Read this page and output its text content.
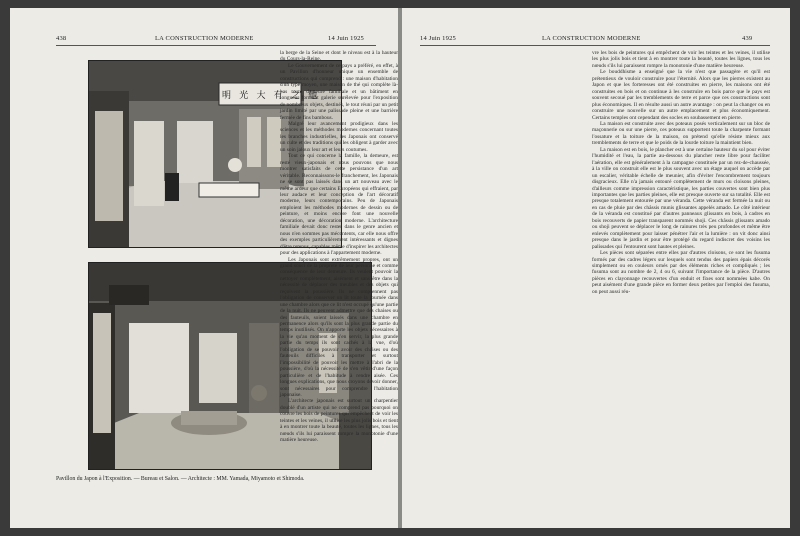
438	LA CONSTRUCTION MODERNE	14 Juin 1925
明 光 大 有 之 他
Pavillon du Japon à l'Exposition. — Bureau et Salon. — Architecte : MM. Yamada, Miyamoto et Shimoda.

la berge de la Seine et dont le niveau est à la hauteur du Cours-la-Reine.

Le Gouvernement de ce pays a préféré, en effet, à un Pavillon d'honneur unique un ensemble de constructions qui comprend : une maison d'habitation d'un type moyen, une maison de thé qui complète là-bas toute demeure familiale et un bâtiment en longueur formant galerie surélevée pour l'exposition de nombreux objets, destinés, le tout réuni par un petit jardin limité par une palissade pleine et une barrière fermée de fins bambous.

Malgré leur avancement prodigieux dans les sciences et les méthodes modernes concernant toutes les branches industrielles, les Japonais ont conservé un culte et des traditions qui les obligent à garder avec un soin jaloux leur art et leurs coutumes.

Tout ce qui concerne la famille, la demeure, est resté vieux-japonais et nous pouvons que nous montrer satisfaits de cette persistance d'un art véritable. Reconnaissons-le franchement, les Japonais ne se sont pas laissés dans un art nouveau avec le même ardeur que certains Européens qui effraient, par leur audace et leur conception de l'art décoratif moderne, leurs contemporains. Peu de Japonais emploient les méthodes modernes de dessin ou de peinture, et moins encore font une nouvelle décoration, une décoration moderne. L'architecture familiale devait donc rester dans le genre ancien et nous n'en sommes pas mécontents, car elle nous offre des exemples particulièrement intéressants et dignes d'être retenus, capables même d'inspirer les architectes pour des applications à l'appartement moderne.

Les Japonais sont extrêmement propres, ont un grand souci de la propreté de leur personne et comme conséquence de leur demeure. Ils veulent pouvoir la nettoyer complètement, aisément et sans être dans la nécessité de déplacer des meubles et des objets qui reçoivent la poussière. Ils ne comprennent pas l'obligation de conserver un lit toute la journée dans une chambre alors que ce lit n'est occupé qu'une partie de la nuit. Ils ne peuvent admettre que des chaises ou des fauteuils, soient laissés dans une chambre en permanence alors qu'ils sont la plus grande partie du temps inutilisés. On n'apporte les objets nécessaires à la vie qu'au moment de s'en servir, la plus grande partie du temps ils sont cachés à la vue, d'où l'obligation de se pouvoir avoir des chaises ou des fauteuils difficiles à transporter et surtout l'impossibilité de pouvoir les mettre à l'abri de la poussière, d'où la nécessité de s'en vêtir d'une façon particulière et de l'habitude à rendre aisée. Ces longues explications, que nous croyons devoir donner, sont nécessaires pour comprendre l'habitation japonaise.

L'architecte japonais est surtout un charpentier doublé d'un artiste qui ne comprend pas pourquoi on couvre les bois de peintures qui empêchent de voir les teintes et les veines, il utilise les plus jolis bois et tient à en montrer toute la beauté, toutes les lignes, tous les nœuds s'ils lui paraissent rompre la monotonie d'une matière heureuse.

14 Juin 1925	LA CONSTRUCTION MODERNE	439

vre les bois de peintures qui empêchent de voir les teintes et les veines, il utilise les plus jolis bois et tient à en montrer toute la beauté, toutes les lignes, tous les nœuds s'ils lui paraissent rompre la monotonie d'une matière heureuse.

Le bouddhisme a enseigné que la vie n'est que passagère et qu'il est prétentieux de vouloir construire pour l'éternité. Alors que les pierres existent au Japon et que les forteresses ont été construites en pierre, les maisons ont été construites en bois et on continue à les construire en bois parce que le pays est souvent secoué par les tremblements de terre et parce que ces constructions sont plus économiques. Il en résulte aussi un autre avantage : on peut la changer ou en construire une nouvelle sur un autre emplacement et plus économiquement. Certains temples ont cependant des socles en soubassement en pierre.

La maison est construite avec des poteaux posés verticalement sur un bloc de maçonnerie ou sur une pierre, ces poteaux supportent toute la charpente formant l'ossature et la toiture de la maison, on prétend qu'elle résiste mieux aux tremblements de terre et que le poids de la lourde toiture la maintient bien.

La maison est en bois, le plancher est à une certaine hauteur du sol pour éviter l'humidité et l'eau, la partie au-dessous du plancher reste libre pour faciliter l'aération, elle est généralement à la campagne constituée par un rez-de-chaussée, à la ville on construit elle est le plus souvent avec un étage auquel on accède par un escalier, véritable échelle de meunier, afin d'éviter l'encombrement toujours disgracieux. Elle n'a jamais entouré complètement de murs ou cloisons pleines, d'ailleurs comme impression caractéristique, les parties couvertes sont bien plus importantes que les parties pleines, elle est presque ouverte sur sa totalité. Elle est presque totalement entourée par une véranda. Cette véranda est fermée la nuit ou en cas de pluie par des châssis munis glissantes appelés amado. Le côté intérieur de la véranda est constitué par d'autres panneaux glissants en bois, à cadres en bois recouverts de papier transparent nommés shoji. Ces châssis glissants amado ou shoji peuvent se déplacer le long de rainures très peu profondes et même être enlevés complètement pour laisser pénétrer l'air et la lumière : on vit donc ainsi presque dans le jardin et pour être protégé du regard indiscret des voisins les palissades qui l'entourent sont hautes et pleines.

Les pièces sont séparées entre elles par d'autres cloisons, ce sont les fusuma formés par des cadres légers sur lesquels sont tendus des papiers épais décorés simplement ou en couleurs ornés par des éléments riches et compliqués ; les fusuma sont au nombre de 2, 4 ou 6, suivant l'importance de la pièce. D'autres pièces en clayonnage recouvertes d'un enduit et fixes sont nommées kabe. On peut aisément d'une grande pièce en former deux petites par l'emploi des fusuma, on peut aussi réu-
